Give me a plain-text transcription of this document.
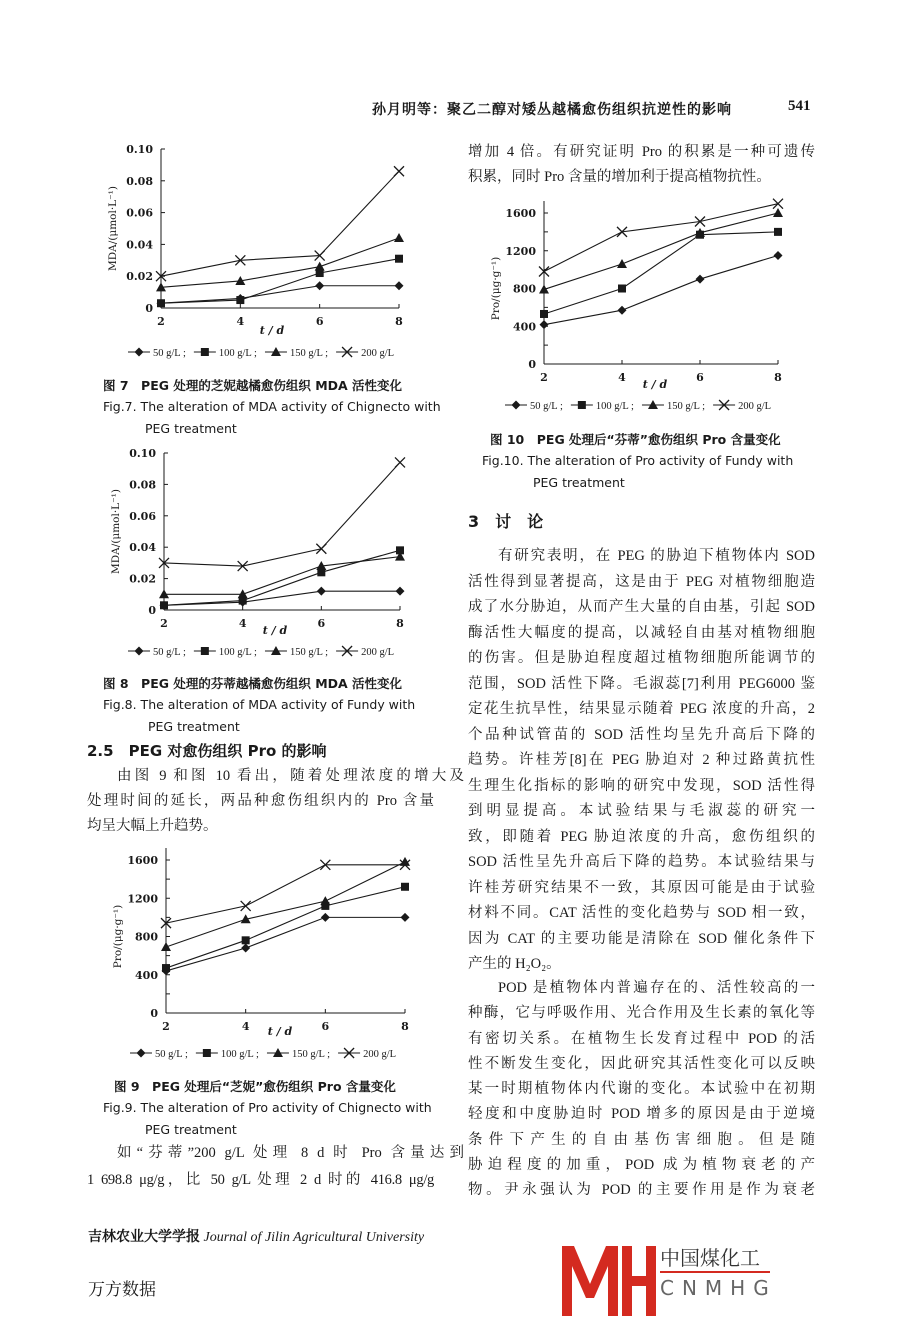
孙月明等：聚乙二醇对矮丛越橘愈伤组织抗逆性的影响	541
0
0.02
0.04
0.06
0.08
0.10
2	4	6	8
t / d
MDA/(μmol·L⁻¹)
50 g/L ;	100 g/L ;	150 g/L ;	200 g/L
0
0.02
0.04
0.06
0.08
0.10
2	4	6	8
t / d
MDA/(μmol·L⁻¹)
50 g/L ;	100 g/L ;	150 g/L ;	200 g/L
0
400
800
1200
1600
2	4	6	8
t / d
Pro/(μg·g⁻¹)
50 g/L ;	100 g/L ;	150 g/L ;	200 g/L
0
400
800
1200
1600
2	4	6	8
t / d
Pro/(μg·g⁻¹)
50 g/L ;	100 g/L ;	150 g/L ;	200 g/L
图 7　PEG 处理的芝妮越橘愈伤组织 MDA 活性变化
Fig.7. The alteration of MDA activity of Chignecto with
PEG treatment
图 8　PEG 处理的芬蒂越橘愈伤组织 MDA 活性变化
Fig.8. The alteration of MDA activity of Fundy with
PEG treatment
图 9　PEG 处理后“芝妮”愈伤组织 Pro 含量变化
Fig.9. The alteration of Pro activity of Chignecto with
PEG treatment
图 10　PEG 处理后“芬蒂”愈伤组织 Pro 含量变化
Fig.10. The alteration of Pro activity of Fundy with
PEG treatment
2.5　PEG 对愈伤组织 Pro 的影响
由图 9 和图 10 看出，随着处理浓度的增大及
处理时间的延长，两品种愈伤组织内的 Pro 含量
均呈大幅上升趋势。
如“芬蒂”200 g/L 处理 8 d 时 Pro 含量达到
1 698.8 μg/g，比 50 g/L 处理 2 d 时的 416.8 μg/g
增加 4 倍。有研究证明 Pro 的积累是一种可遗传
积累，同时 Pro 含量的增加利于提高植物抗性。
3　讨　论
有研究表明，在 PEG 的胁迫下植物体内 SOD
活性得到显著提高，这是由于 PEG 对植物细胞造
成了水分胁迫，从而产生大量的自由基，引起 SOD
酶活性大幅度的提高，以减轻自由基对植物细胞
的伤害。但是胁迫程度超过植物细胞所能调节的
范围，SOD 活性下降。毛淑蕊[7]利用 PEG6000 鉴
定花生抗旱性，结果显示随着 PEG 浓度的升高，2
个品种试管苗的 SOD 活性均呈先升高后下降的
趋势。许桂芳[8]在 PEG 胁迫对 2 种过路黄抗性
生理生化指标的影响的研究中发现，SOD 活性得
到明显提高。本试验结果与毛淑蕊的研究一
致，即随着 PEG 胁迫浓度的升高，愈伤组织的
SOD 活性呈先升高后下降的趋势。本试验结果与
许桂芳研究结果不一致，其原因可能是由于试验
材料不同。CAT 活性的变化趋势与 SOD 相一致，
因为 CAT 的主要功能是清除在 SOD 催化条件下
产生的 H₂O₂。
POD 是植物体内普遍存在的、活性较高的一
种酶，它与呼吸作用、光合作用及生长素的氧化等
有密切关系。在植物生长发育过程中 POD 的活
性不断发生变化，因此研究其活性变化可以反映
某一时期植物体内代谢的变化。本试验中在初期
轻度和中度胁迫时 POD 增多的原因是由于逆境
条件下产生的自由基伤害细胞。但是随
胁迫程度的加重，POD 成为植物衰老的产
物。尹永强认为 POD 的主要作用是作为衰老
中国煤化工
CNMHG
吉林农业大学学报 Journal of Jilin Agricultural University
万方数据
